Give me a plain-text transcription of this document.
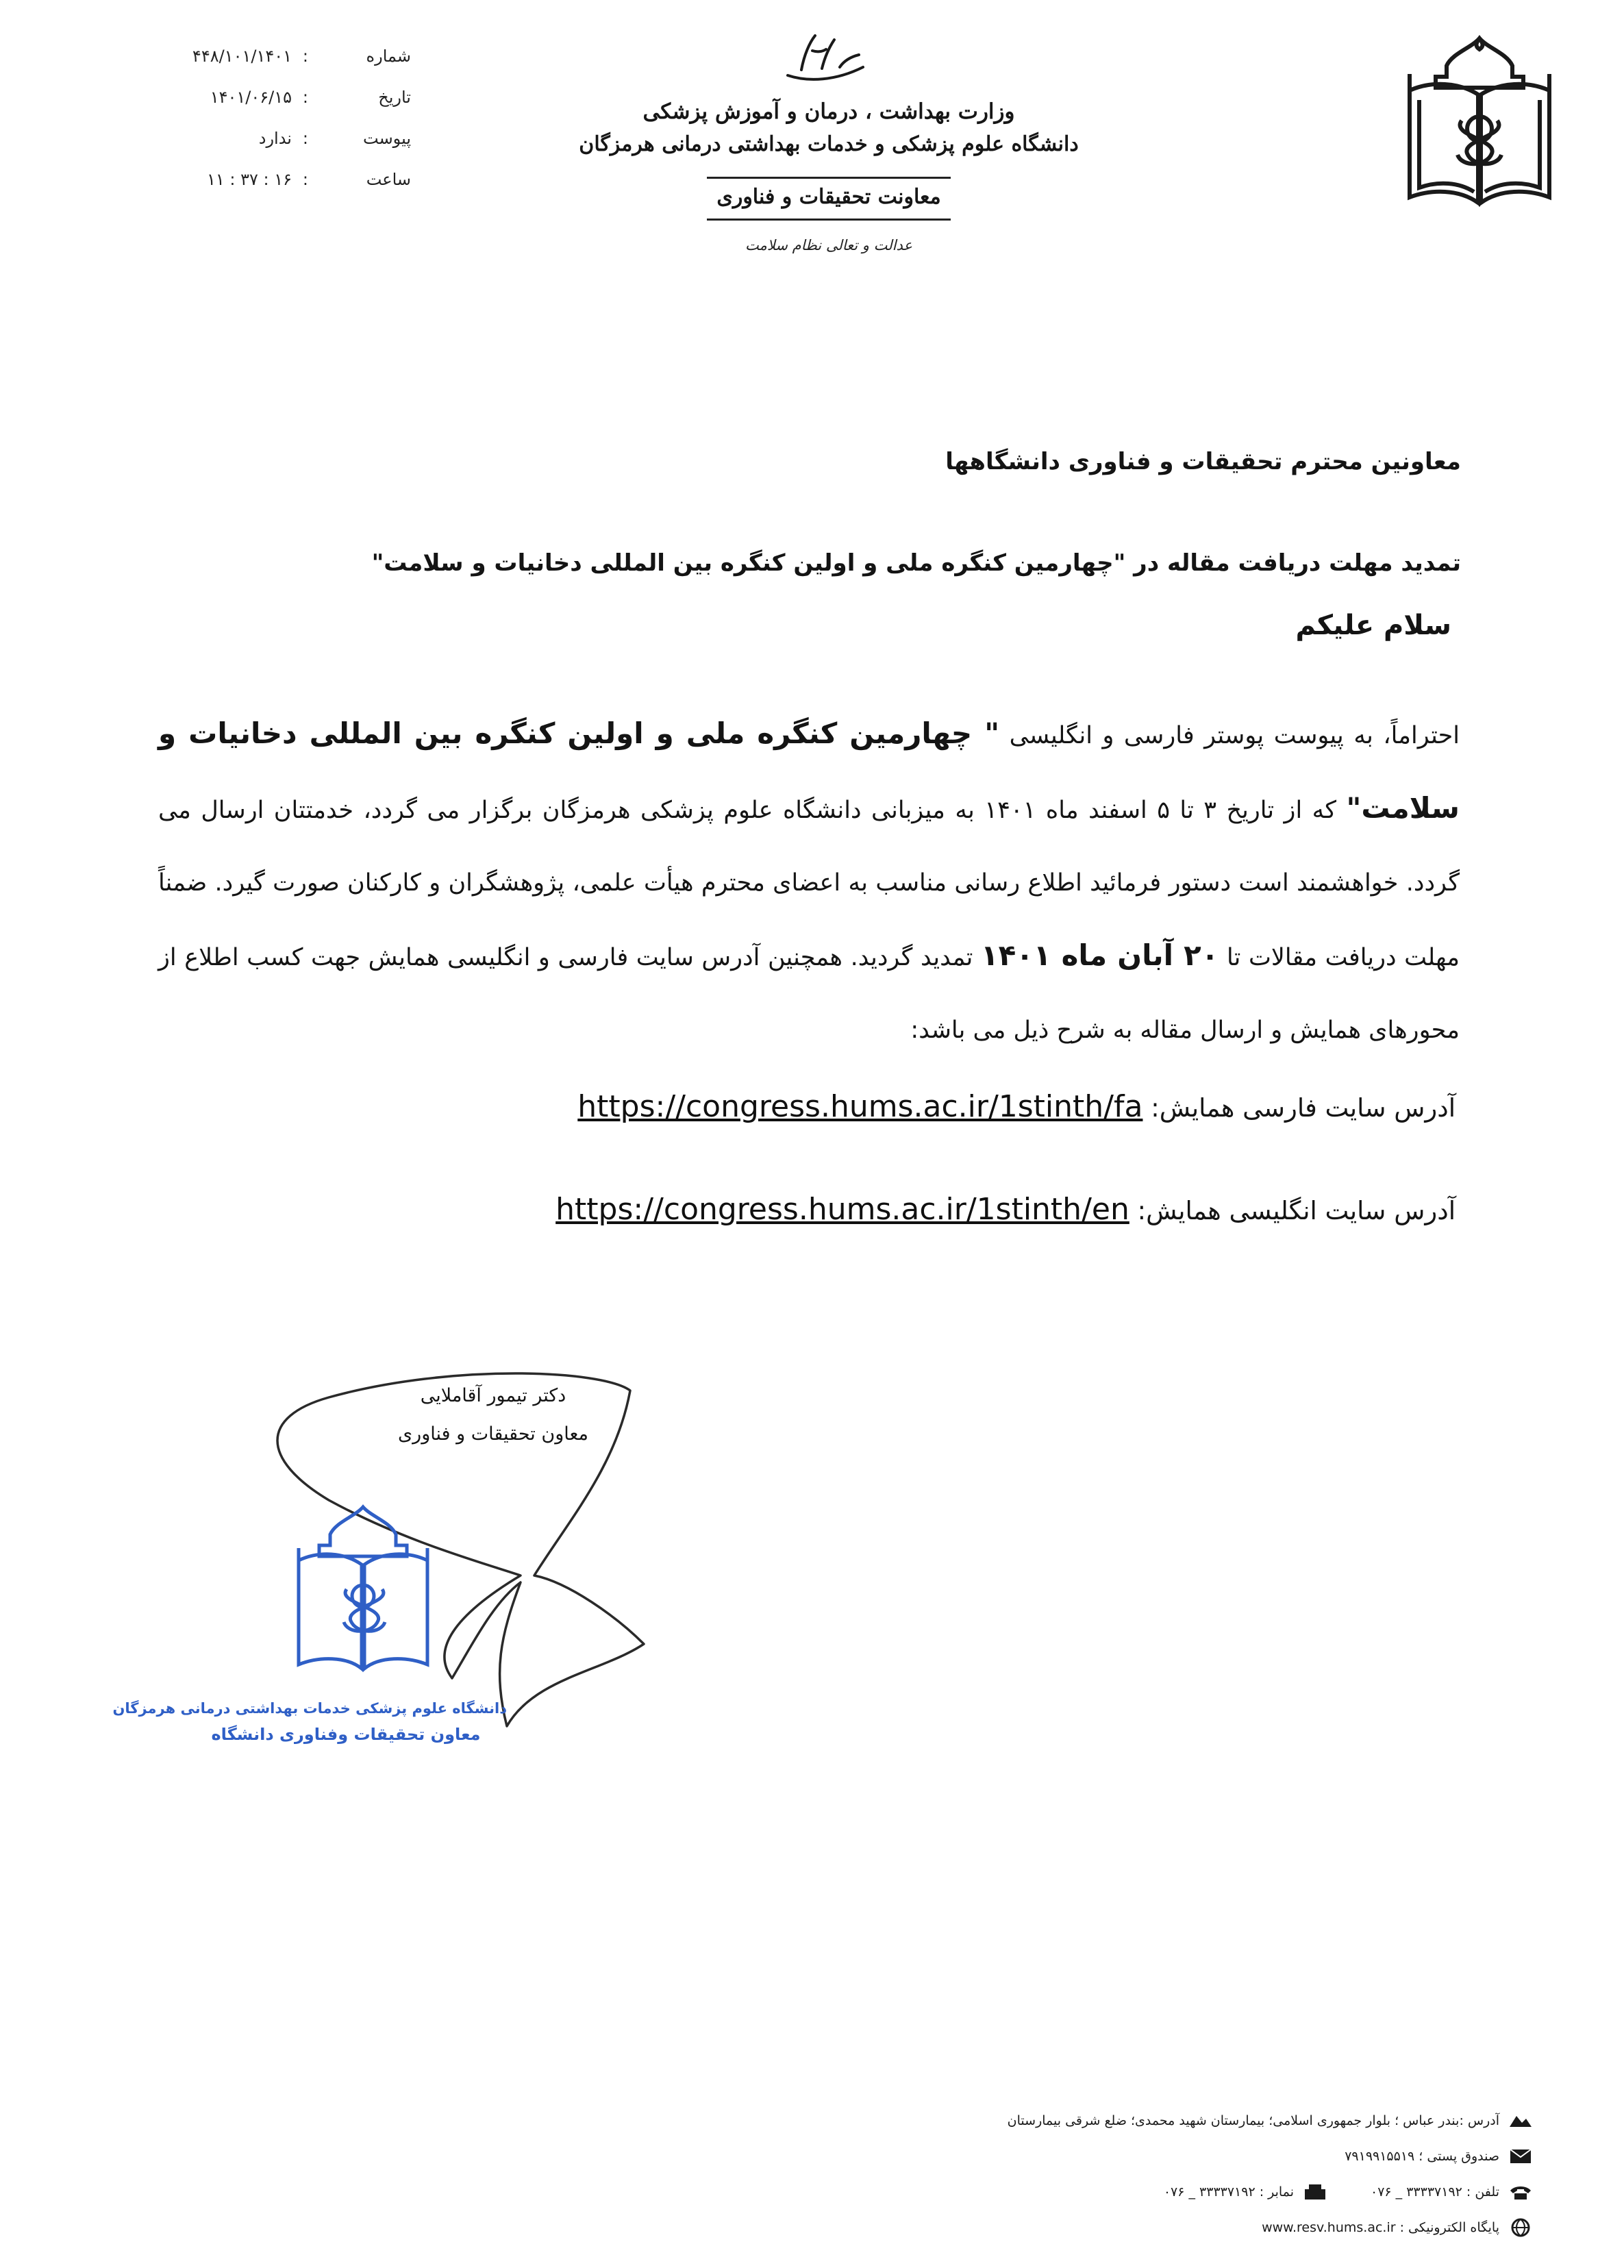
وزارت بهداشت ، درمان و آموزش پزشکی
دانشگاه علوم پزشکی و خدمات بهداشتی درمانی هرمزگان
معاونت تحقیقات و فناوری
عدالت و تعالی نظام سلامت
شماره
:
۴۴۸/۱۰۱/۱۴۰۱
تاریخ
:
۱۴۰۱/۰۶/۱۵
پیوست
:
ندارد
ساعت
:
۱۱ : ۳۷ : ۱۶
معاونین محترم تحقیقات و فناوری دانشگاهها
تمدید مهلت دریافت مقاله در "چهارمین کنگره ملی و اولین کنگره بین المللی دخانیات و سلامت"
سلام علیکم
احتراماً، به پیوست پوستر فارسی و انگلیسی " چهارمین کنگره ملی و اولین کنگره بین المللی دخانیات و سلامت" که از تاریخ ۳ تا ۵ اسفند ماه ۱۴۰۱ به میزبانی دانشگاه علوم پزشکی هرمزگان برگزار می گردد، خدمتتان ارسال می گردد. خواهشمند است دستور فرمائید اطلاع رسانی مناسب به اعضای محترم هیأت علمی، پژوهشگران و کارکنان صورت گیرد. ضمناً مهلت دریافت مقالات تا ۲۰ آبان ماه ۱۴۰۱ تمدید گردید. همچنین آدرس سایت فارسی و انگلیسی همایش جهت کسب اطلاع از محورهای همایش و ارسال مقاله به شرح ذیل می باشد:
آدرس سایت فارسی همایش: https://congress.hums.ac.ir/1stinth/fa
آدرس سایت انگلیسی همایش: https://congress.hums.ac.ir/1stinth/en
دکتر تیمور آقاملایی
معاون تحقیقات و فناوری
دانشگاه علوم پزشکی خدمات بهداشتی درمانی هرمزگان
معاون تحقیقات وفناوری دانشگاه
آدرس :بندر عباس ؛ بلوار جمهوری اسلامی؛ بیمارستان شهید محمدی؛ ضلع شرقی بیمارستان
صندوق پستی ؛ ۷۹۱۹۹۱۵۵۱۹
تلفن : ۳۳۳۳۷۱۹۲ _ ۰۷۶
نمابر : ۳۳۳۳۷۱۹۲ _ ۰۷۶
پایگاه الکترونیکی : www.resv.hums.ac.ir
